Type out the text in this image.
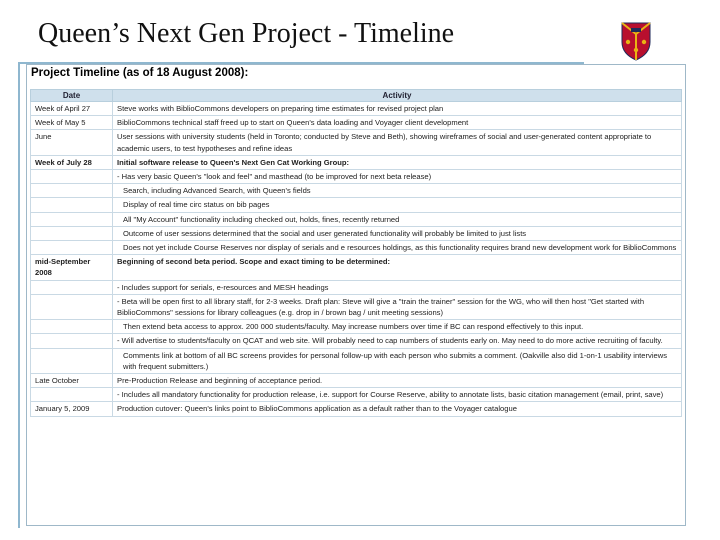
Queen’s Next Gen Project - Timeline
Project Timeline (as of 18 August 2008):
Date	Activity
Week of April 27	Steve works with BiblioCommons developers on preparing time estimates for revised project plan
Week of May 5	BiblioCommons technical staff freed up to start on Queen's data loading and Voyager client development
June	User sessions with university students (held in Toronto; conducted by Steve and Beth), showing wireframes of social and user-generated content appropriate to academic users, to test hypotheses and refine ideas
Week of July 28	Initial software release to Queen's Next Gen Cat Working Group:
	- Has very basic Queen's "look and feel" and masthead (to be improved for next beta release)
	Search, including Advanced Search, with Queen's fields
	Display of real time circ status on bib pages
	All "My Account" functionality including checked out, holds, fines, recently returned
	Outcome of user sessions determined that the social and user generated functionality will probably be limited to just lists
	Does not yet include Course Reserves nor display of serials and e resources holdings, as this functionality requires brand new development work for BiblioCommons
mid-September 2008	Beginning of second beta period. Scope and exact timing to be determined:
	- Includes support for serials, e-resources and MESH headings
	- Beta will be open first to all library staff, for 2-3 weeks. Draft plan: Steve will give a "train the trainer" session for the WG, who will then host "Get started with BiblioCommons" sessions for library colleagues (e.g. drop in / brown bag / unit meeting sessions)
	Then extend beta access to approx. 200 000 students/faculty. May increase numbers over time if BC can respond effectively to this input.
	- Will advertise to students/faculty on QCAT and web site. Will probably need to cap numbers of students early on. May need to do more active recruiting of faculty.
	Comments link at bottom of all BC screens provides for personal follow-up with each person who submits a comment. (Oakville also did 1-on-1 usability interviews with frequent submitters.)
Late October	Pre-Production Release and beginning of acceptance period.
	- Includes all mandatory functionality for production release, i.e. support for Course Reserve, ability to annotate lists, basic citation management (email, print, save)
January 5, 2009	Production cutover: Queen's links point to BiblioCommons application as a default rather than to the Voyager catalogue
